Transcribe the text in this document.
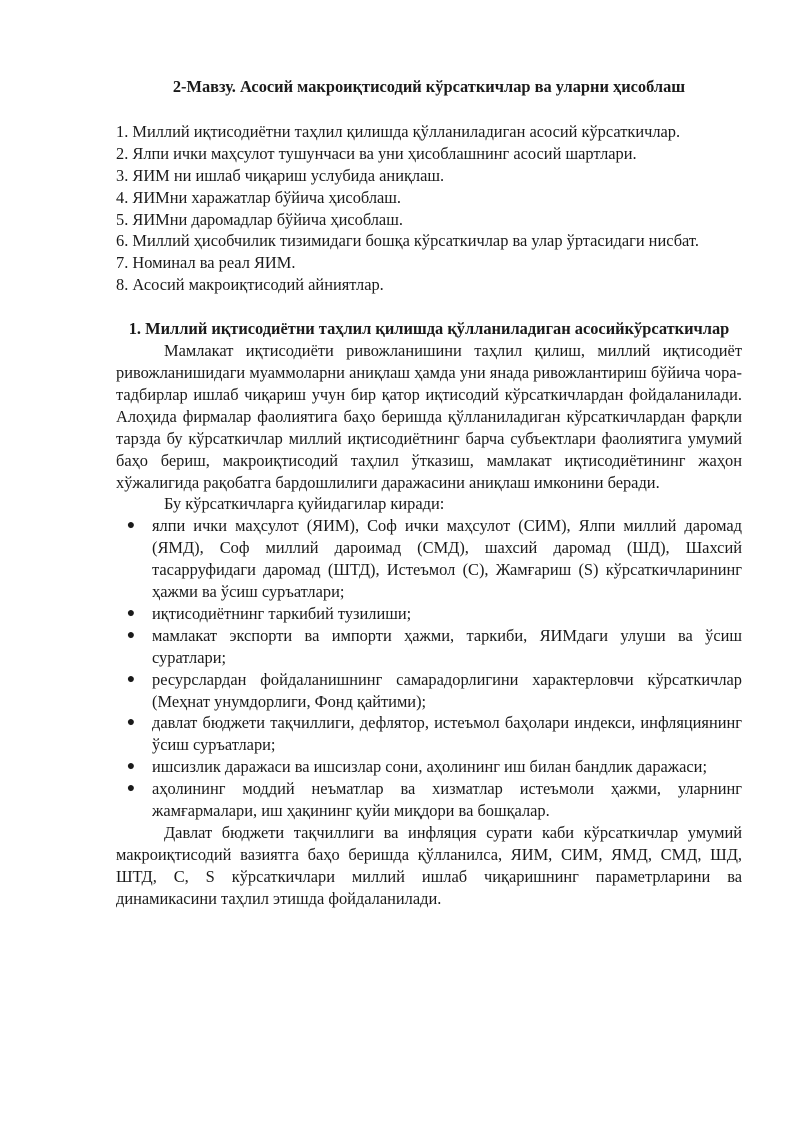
2-Мавзу. Асосий макроиқтисодий кўрсаткичлар ва уларни ҳисоблаш

1. Миллий иқтисодиётни таҳлил қилишда қўлланиладиган асосий кўрсаткичлар.
2. Ялпи ички маҳсулот тушунчаси ва уни ҳисоблашнинг асосий шартлари.
3. ЯИМ ни ишлаб чиқариш услубида аниқлаш.
4. ЯИМни харажатлар бўйича ҳисоблаш.
5. ЯИМни даромадлар бўйича ҳисоблаш.
6. Миллий ҳисобчилик тизимидаги бошқа кўрсаткичлар ва улар ўртасидаги нисбат.
7. Номинал ва реал ЯИМ.
8. Асосий макроиқтисодий айниятлар.

1. Миллий иқтисодиётни таҳлил қилишда қўлланиладиган асосийкўрсаткичлар

Мамлакат иқтисодиёти ривожланишини таҳлил қилиш, миллий иқтисодиёт ривожланишидаги муаммоларни аниқлаш ҳамда уни янада ривожлантириш бўйича чора-тадбирлар ишлаб чиқариш учун бир қатор иқтисодий кўрсаткичлардан фойдаланилади. Алоҳида фирмалар фаолиятига баҳо беришда қўлланиладиган кўрсаткичлардан фарқли тарзда бу кўрсаткичлар миллий иқтисодиётнинг барча субъектлари фаолиятига умумий баҳо бериш, макроиқтисодий таҳлил ўтказиш, мамлакат иқтисодиётининг жаҳон хўжалигида рақобатга бардошлилиги даражасини аниқлаш имконини беради.

Бу кўрсаткичларга қуйидагилар киради:

● ялпи ички маҳсулот (ЯИМ), Соф ички маҳсулот (СИМ), Ялпи миллий даромад (ЯМД), Соф миллий дароимад (СМД), шахсий даромад (ШД), Шахсий тасарруфидаги даромад (ШТД), Истеъмол (С), Жамғариш (S) кўрсаткичларининг ҳажми ва ўсиш суръатлари;
● иқтисодиётнинг таркибий тузилиши;
● мамлакат экспорти ва импорти ҳажми, таркиби, ЯИМдаги улуши ва ўсиш суратлари;
● ресурслардан фойдаланишнинг самарадорлигини характерловчи кўрсаткичлар (Меҳнат унумдорлиги, Фонд қайтими);
● давлат бюджети тақчиллиги, дефлятор, истеъмол баҳолари индекси, инфляциянинг ўсиш суръатлари;
● ишсизлик даражаси ва ишсизлар сони, аҳолининг иш билан бандлик даражаси;
● аҳолининг моддий неъматлар ва хизматлар истеъмоли ҳажми, уларнинг жамғармалари, иш ҳақининг қуйи миқдори ва бошқалар.

Давлат бюджети тақчиллиги ва инфляция сурати каби кўрсаткичлар умумий макроиқтисодий вазиятга баҳо беришда қўлланилса, ЯИМ, СИМ, ЯМД, СМД, ШД, ШТД, С, S кўрсаткичлари миллий ишлаб чиқаришнинг параметрларини ва динамикасини таҳлил этишда фойдаланилади.
